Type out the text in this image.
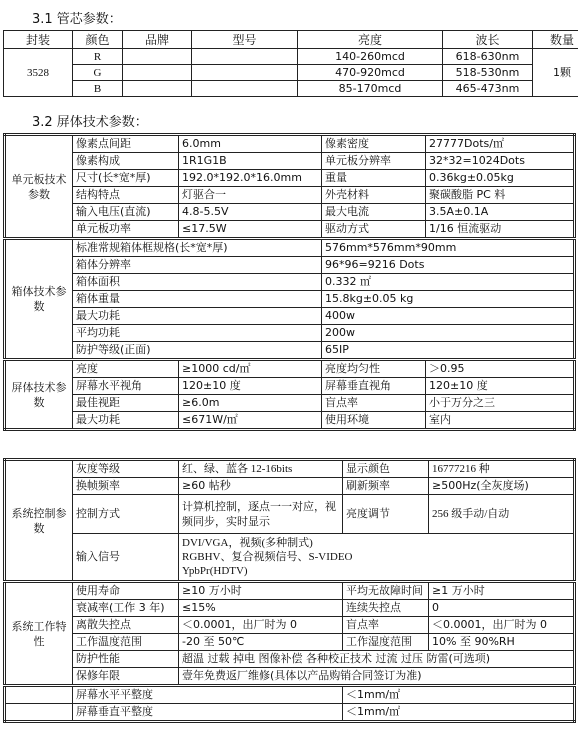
3.1 管芯参数：
封装	颜色	品牌	型号	亮度	波长	数量
3528	R			140-260mcd	618-630nm	1颗
	G			470-920mcd	518-530nm	
	B			85-170mcd	465-473nm	
3.2 屏体技术参数：
单元板技术参数	像素点间距	6.0mm	像素密度	27777Dots/㎡
	像素构成	1R1G1B	单元板分辨率	32*32=1024Dots
	尺寸(长*宽*厚)	192.0*192.0*16.0mm	重量	0.36kg±0.05kg
	结构特点	灯驱合一	外壳材料	聚碳酸脂 PC 料
	输入电压(直流)	4.8-5.5V	最大电流	3.5A±0.1A
	单元板功率	≤17.5W	驱动方式	1/16 恒流驱动
箱体技术参数	标准常规箱体框规格(长*宽*厚)		576mm*576mm*90mm	
	箱体分辨率		96*96=9216 Dots	
	箱体面积		0.332 ㎡	
	箱体重量		15.8kg±0.05 kg	
	最大功耗		400w	
	平均功耗		200w	
	防护等级(正面)		65IP	
屏体技术参数	亮度	≥1000 cd/㎡	亮度均匀性	＞0.95
	屏幕水平视角	120±10 度	屏幕垂直视角	120±10 度
	最佳视距	≥6.0m	盲点率	小于万分之三
	最大功耗	≤671W/㎡	使用环境	室内
系统控制参数	灰度等级	红、绿、蓝各 12-16bits	显示颜色	16777216 种
	换帧频率	≥60 帖秒	刷新频率	≥500Hz(全灰度场)
	控制方式	计算机控制，逐点一一对应，视频同步，实时显示	亮度调节	256 级手动/自动
	输入信号	DVI/VGA，视频(多种制式)
RGBHV、复合视频信号、S-VIDEO
YpbPr(HDTV)		

系统工作特性	使用寿命	≥10 万小时	平均无故障时间	≥1 万小时
	衰减率(工作 3 年)	≤15%	连续失控点	0
	离散失控点	＜0.0001，出厂时为 0	盲点率	＜0.0001，出厂时为 0
	工作温度范围	-20 至 50℃	工作湿度范围	10% 至 90%RH
	防护性能	超温 过载 掉电 图像补偿 各种校正技术 过流 过压 防雷(可选项)		
	保修年限	壹年免费返厂维修(具体以产品购销合同签订为准)		
	屏幕水平平整度		＜1mm/㎡	
	屏幕垂直平整度		＜1mm/㎡	
